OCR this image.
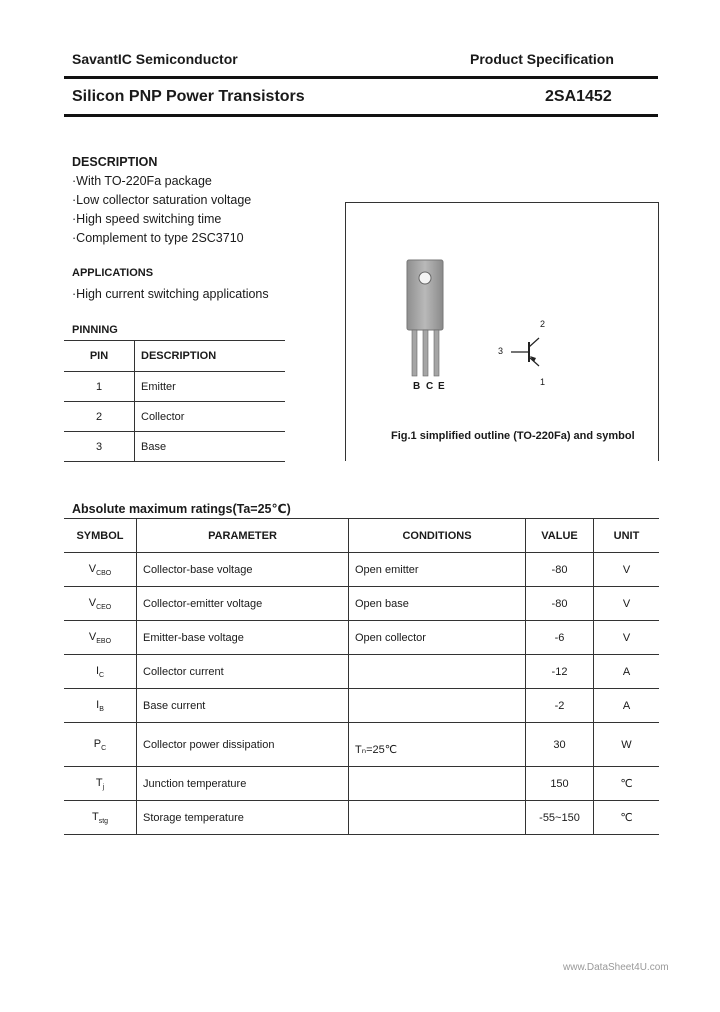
SavantIC Semiconductor	Product Specification
Silicon PNP Power Transistors	2SA1452
DESCRIPTION
·With TO-220Fa package
·Low collector saturation voltage
·High speed switching time
·Complement to type 2SC3710
APPLICATIONS
·High current switching applications
PINNING
PIN	DESCRIPTION
1	Emitter
2	Collector
3	Base
B C E
3
2
1
Fig.1 simplified outline (TO-220Fa) and symbol
Absolute maximum ratings(Ta=25℃)
SYMBOL	PARAMETER	CONDITIONS	VALUE	UNIT
$V_{CBO}$	Collector-base voltage	Open emitter	-80	V
$V_{CEO}$	Collector-emitter voltage	Open base	-80	V
$V_{EBO}$	Emitter-base voltage	Open collector	-6	V
$I_C$	Collector current		-12	A
$I_B$	Base current		-2	A
$P_C$	Collector power dissipation	Tₙ=25℃	30	W
$T_j$	Junction temperature		150	℃
$T_{stg}$	Storage temperature		-55~150	℃
www.DataSheet4U.com
